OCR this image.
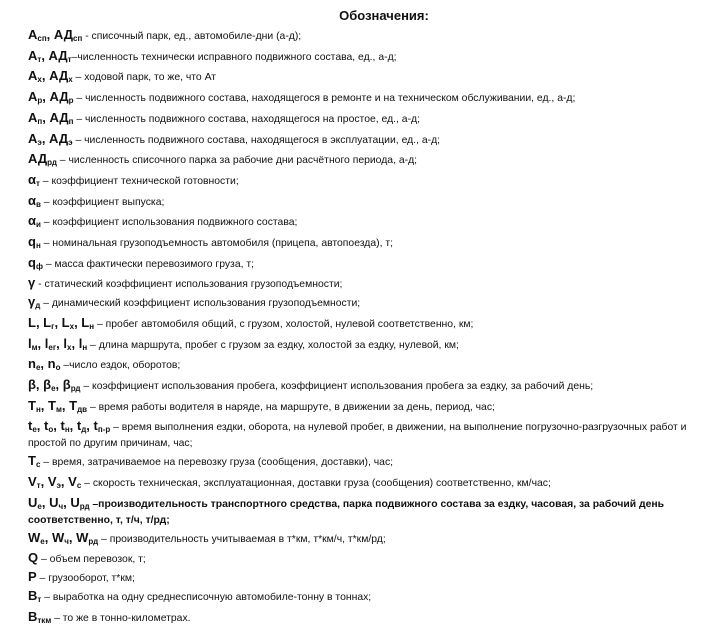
Обозначения:
$А_{сп}$, $АД_{сп}$ - списочный парк, ед., автомобиле-дни (а-д);
$А_т$, $АД_т$–численность технически исправного подвижного состава, ед., а-д;
$А_х$, $АД_х$ – ходовой парк, то же, что Ат
$А_р$, $АД_р$ – численность подвижного состава, находящегося в ремонте и на техническом обслуживании, ед., а-д;
$А_п$, $АД_п$ – численность подвижного состава, находящегося на простое, ед., а-д;
$А_э$, $АД_э$ – численность подвижного состава, находящегося в эксплуатации, ед., а-д;
$АД_{рд}$ – численность списочного парка за рабочие дни расчётного периода, а-д;
$\alpha_т$ – коэффициент технической готовности;
$\alpha_в$ – коэффициент выпуска;
$\alpha_и$ – коэффициент использования подвижного состава;
$q_н$ – номинальная грузоподъемность автомобиля (прицепа, автопоезда), т;
$q_ф$ – масса фактически перевозимого груза, т;
γ - статический коэффициент использования грузоподъемности;
$\gamma_д$ – динамический коэффициент использования грузоподъемности;
L, $L_г$, $L_х$, $L_н$ – пробег автомобиля общий, с грузом, холостой, нулевой соответственно, км;
$l_м$, $l_{ег}$, $l_х$, $l_н$ – длина маршрута, пробег с грузом за ездку, холостой за ездку, нулевой, км;
$n_е$, $n_о$ –число ездок, оборотов;
β, $\beta_е$, $\beta_{рд}$ – коэффициент использования пробега, коэффициент использования пробега за ездку, за рабочий день;
$Т_н$, $Т_м$, $Т_{дв}$ – время работы водителя в наряде, на маршруте, в движении за день, период, час;
$t_е$, $t_о$, $t_н$, $t_д$, $t_{п-р}$ – время выполнения ездки, оборота, на нулевой пробег, в движении, на выполнение погрузочно-разгрузочных работ и простой по другим причинам, час;
$Т_с$ – время, затрачиваемое на перевозку груза (сообщения, доставки), час;
$V_т$, $V_э$, $V_с$ – скорость техническая, эксплуатационная, доставки груза (сообщения) соответственно, км/час;
$U_е$, $U_ч$, $U_{рд}$ –производительность транспортного средства, парка подвижного состава за ездку, часовая, за рабочий день соответственно, т, т/ч, т/рд;
$W_е$, $W_ч$, $W_{рд}$ – производительность учитываемая в т*км, т*км/ч, т*км/рд;
Q – объем перевозок, т;
Р – грузооборот, т*км;
$В_т$ – выработка на одну среднесписочную автомобиле-тонну в тоннах;
$В_{ткм}$ – то же в тонно-километрах.
